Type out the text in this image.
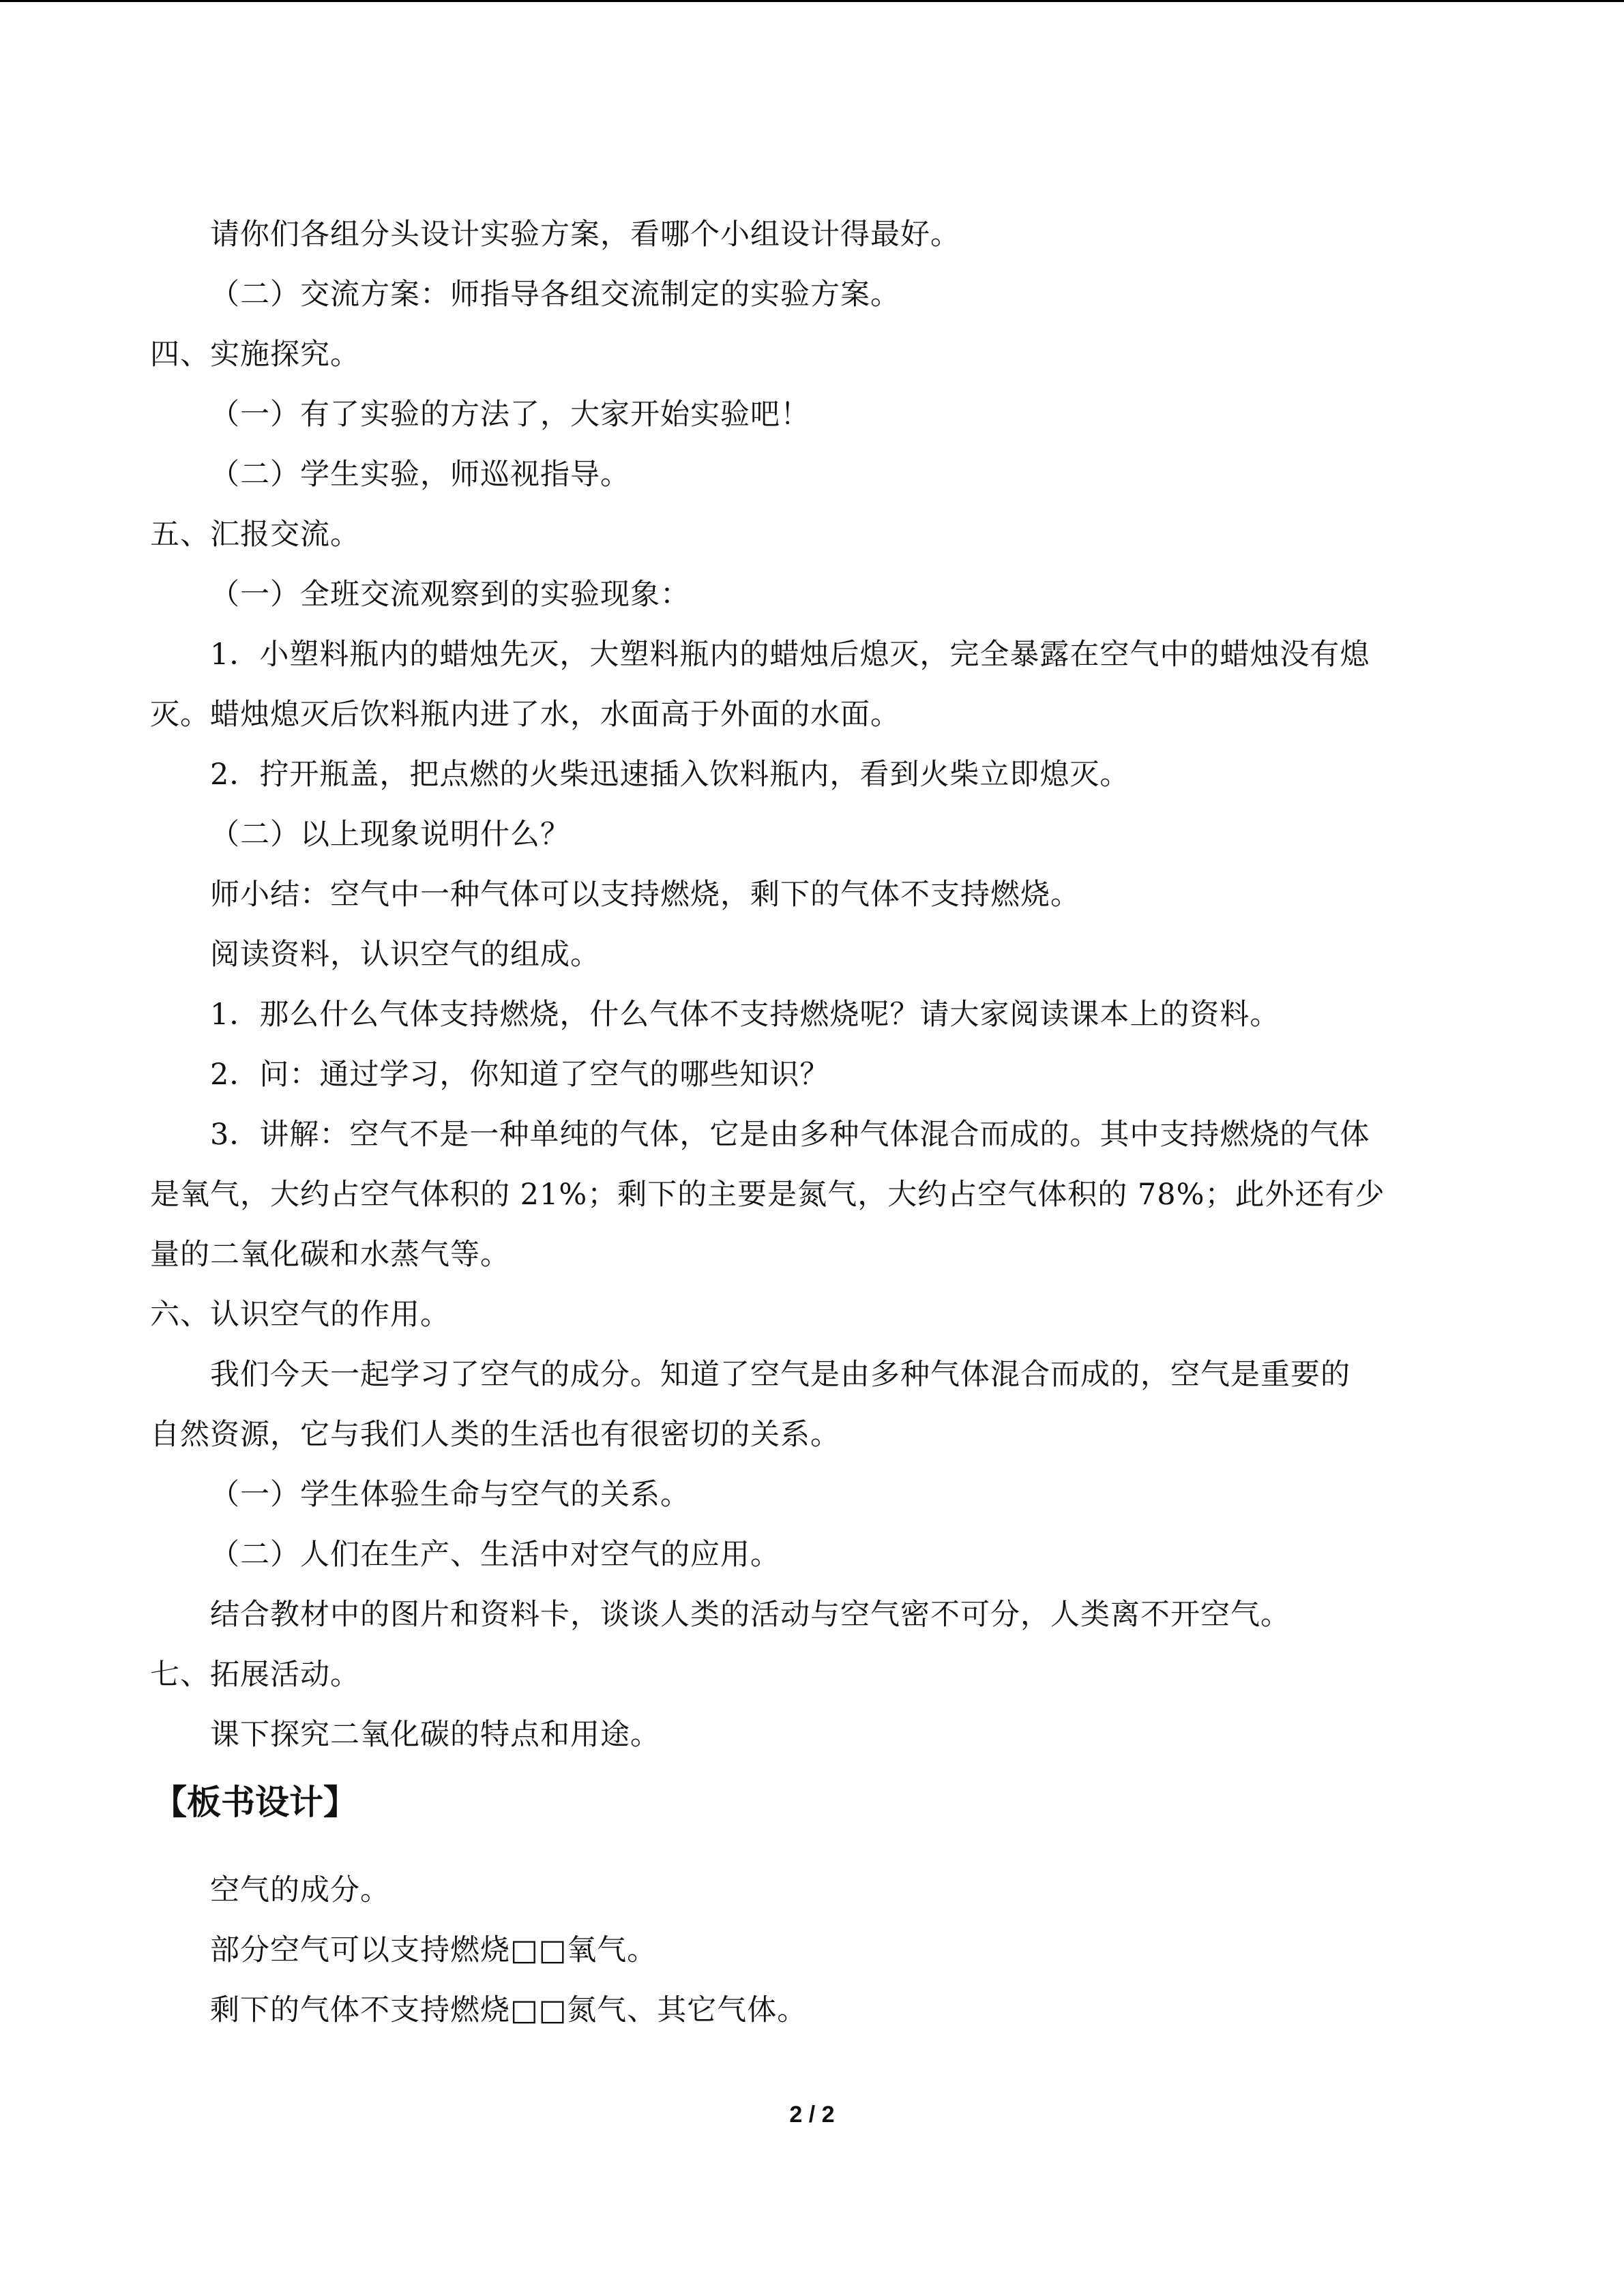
请你们各组分头设计实验方案，看哪个小组设计得最好。
（二）交流方案：师指导各组交流制定的实验方案。
四、实施探究。
（一）有了实验的方法了，大家开始实验吧！
（二）学生实验，师巡视指导。
五、汇报交流。
（一）全班交流观察到的实验现象：
1．小塑料瓶内的蜡烛先灭，大塑料瓶内的蜡烛后熄灭，完全暴露在空气中的蜡烛没有熄
灭。蜡烛熄灭后饮料瓶内进了水，水面高于外面的水面。
2．拧开瓶盖，把点燃的火柴迅速插入饮料瓶内，看到火柴立即熄灭。
（二）以上现象说明什么？
师小结：空气中一种气体可以支持燃烧，剩下的气体不支持燃烧。
阅读资料，认识空气的组成。
1．那么什么气体支持燃烧，什么气体不支持燃烧呢？请大家阅读课本上的资料。
2．问：通过学习，你知道了空气的哪些知识？
3．讲解：空气不是一种单纯的气体，它是由多种气体混合而成的。其中支持燃烧的气体
是氧气，大约占空气体积的 21%；剩下的主要是氮气，大约占空气体积的 78%；此外还有少
量的二氧化碳和水蒸气等。
六、认识空气的作用。
我们今天一起学习了空气的成分。知道了空气是由多种气体混合而成的，空气是重要的
自然资源，它与我们人类的生活也有很密切的关系。
（一）学生体验生命与空气的关系。
（二）人们在生产、生活中对空气的应用。
结合教材中的图片和资料卡，谈谈人类的活动与空气密不可分，人类离不开空气。
七、拓展活动。
课下探究二氧化碳的特点和用途。
【板书设计】
空气的成分。
部分空气可以支持燃烧□□氧气。
剩下的气体不支持燃烧□□氮气、其它气体。
2 / 2
